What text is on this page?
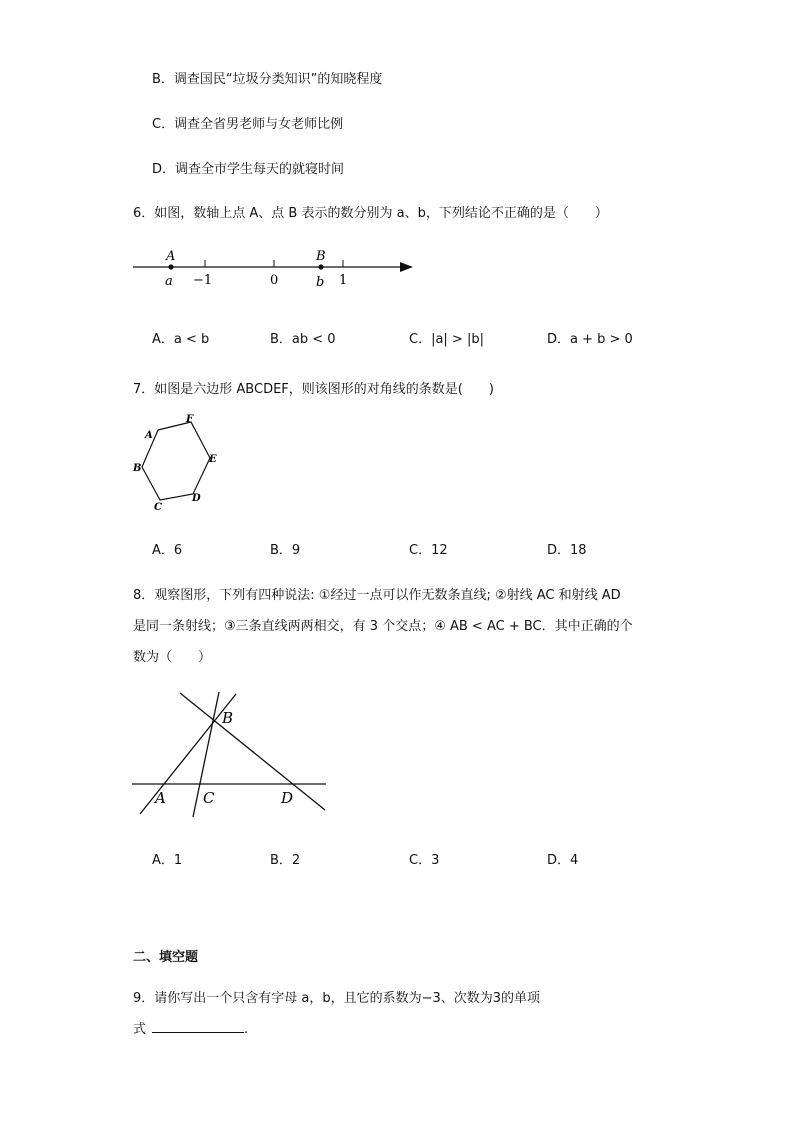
B．调查国民“垃圾分类知识”的知晓程度
C．调查全省男老师与女老师比例
D．调查全市学生每天的就寝时间
6．如图，数轴上点 A、点 B 表示的数分别为 a、b，下列结论不正确的是（　　）
A	B
a	b
−1	0	1
A．a < b	B．ab < 0	C．|a| > |b|	D．a + b > 0
7．如图是六边形 ABCDEF，则该图形的对角线的条数是(　　)
A
B
C
D
E
F
A．6	B．9	C．12	D．18
8．观察图形，下列有四种说法: ①经过一点可以作无数条直线; ②射线 AC 和射线 AD
是同一条射线；③三条直线两两相交，有 3 个交点；④ AB < AC + BC．其中正确的个
数为（　　）
B
A C	D
A．1	B．2	C．3	D．4
二、填空题
9．请你写出一个只含有字母 a，b，且它的系数为−3、次数为3的单项
式	.
